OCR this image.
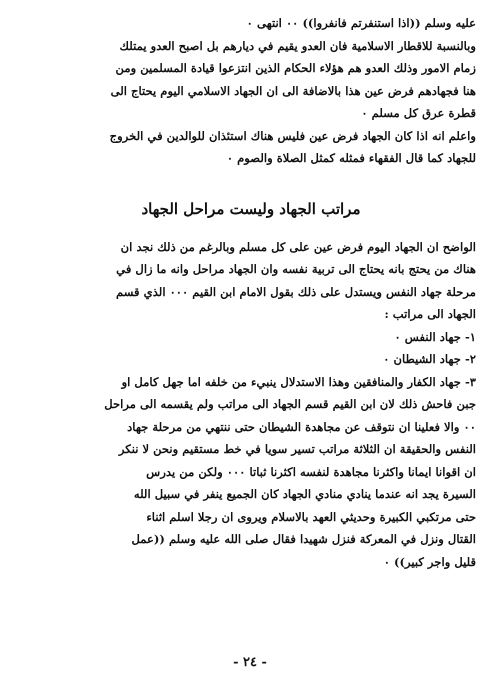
عليه وسلم ((اذا استنفرتم فانفروا)) ٠٠ انتهى ٠
وبالنسبة للاقطار الاسلامية فان العدو يقيم في ديارهم بل اصبح العدو يمتلك
زمام الامور وذلك العدو هم هؤلاء الحكام الذين انتزعوا قيادة المسلمين ومن
هنا فجهادهم فرض عين هذا بالاضافة الى ان الجهاد الاسلامي اليوم يحتاج الى
قطرة عرق كل مسلم ٠

واعلم انه اذا كان الجهاد فرض عين فليس هناك استئذان للوالدين في الخروج
للجهاد كما قال الفقهاء فمثله كمثل الصلاة والصوم ٠

مراتب الجهاد وليست مراحل الجهاد

الواضح ان الجهاد اليوم فرض عين على كل مسلم وبالرغم من ذلك نجد ان
هناك من يحتج بانه يحتاج الى تربية نفسه وان الجهاد مراحل وانه ما زال في
مرحلة جهاد النفس ويستدل على ذلك بقول الامام ابن القيم ٠٠٠ الذي قسم
الجهاد الى مراتب :

١- جهاد النفس ٠

٢- جهاد الشيطان ٠

٣- جهاد الكفار والمنافقين وهذا الاستدلال ينبيء من خلفه اما جهل كامل او
جبن فاحش ذلك لان ابن القيم قسم الجهاد الى مراتب ولم يقسمه الى مراحل
٠٠ والا فعلينا ان نتوقف عن مجاهدة الشيطان حتى ننتهي من مرحلة جهاد
النفس والحقيقة ان الثلاثة مراتب تسير سويا في خط مستقيم ونحن لا ننكر
ان اقوانا ايمانا واكثرنا مجاهدة لنفسه اكثرنا ثباتا ٠٠٠ ولكن من يدرس
السيرة يجد انه عندما ينادي منادي الجهاد كان الجميع ينفر في سبيل الله
حتى مرتكبي الكبيرة وحديثي العهد بالاسلام ويروى ان رجلا اسلم اثناء
القتال ونزل في المعركة فنزل شهيدا فقال صلى الله عليه وسلم ((عمل
قليل واجر كبير)) ٠

- ٢٤ -
